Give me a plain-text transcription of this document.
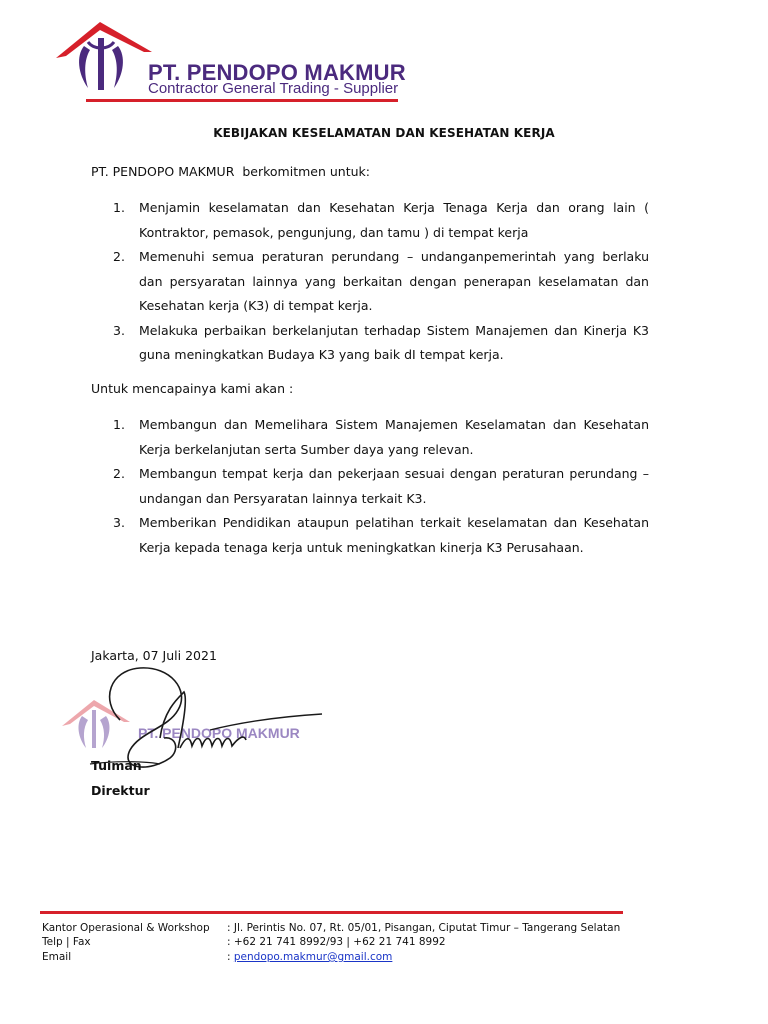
PT. PENDOPO MAKMUR
Contractor General Trading - Supplier
KEBIJAKAN KESELAMATAN DAN KESEHATAN KERJA

PT. PENDOPO MAKMUR berkomitmen untuk:

1. Menjamin keselamatan dan Kesehatan Kerja Tenaga Kerja dan orang lain ( Kontraktor, pemasok, pengunjung, dan tamu ) di tempat kerja
2. Memenuhi semua peraturan perundang – undanganpemerintah yang berlaku dan persyaratan lainnya yang berkaitan dengan penerapan keselamatan dan Kesehatan kerja (K3) di tempat kerja.
3. Melakuka perbaikan berkelanjutan terhadap Sistem Manajemen dan Kinerja K3 guna meningkatkan Budaya K3 yang baik dI tempat kerja.

Untuk mencapainya kami akan :

1. Membangun dan Memelihara Sistem Manajemen Keselamatan dan Kesehatan Kerja berkelanjutan serta Sumber daya yang relevan.
2. Membangun tempat kerja dan pekerjaan sesuai dengan peraturan perundang – undangan dan Persyaratan lainnya terkait K3.
3. Memberikan Pendidikan ataupun pelatihan terkait keselamatan dan Kesehatan Kerja kepada tenaga kerja untuk meningkatkan kinerja K3 Perusahaan.

Jakarta, 07 Juli 2021

PT. PENDOPO MAKMUR

Tuiman

Direktur

Kantor Operasional & Workshop : Jl. Perintis No. 07, Rt. 05/01, Pisangan, Ciputat Timur – Tangerang Selatan
Telp | Fax	: +62 21 741 8992/93 | +62 21 741 8992
Email	: pendopo.makmur@gmail.com
